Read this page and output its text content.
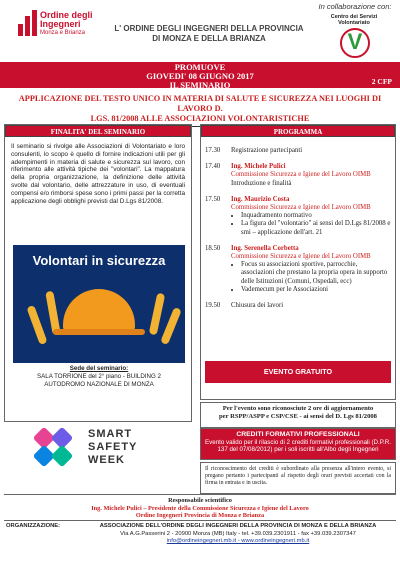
Ordine degli
Ingegneri
Monza e Brianza	L' ORDINE DEGLI INGEGNERI DELLA PROVINCIA
DI MONZA E DELLA BRIANZA
In collaborazione con:
Centro dei Servizi
Volontariato
V
PROMUOVE
GIOVEDI' 08 GIUGNO 2017
IL SEMINARIO	2 CFP
APPLICAZIONE DEL TESTO UNICO IN MATERIA DI SALUTE E SICUREZZA NEI LUOGHI DI LAVORO D.
LGS. 81/2008 ALLE ASSOCIAZIONI VOLONTARISTICHE
FINALITA' DEL SEMINARIO
Il seminario si rivolge alle Associazioni di Volontariato e loro consulenti, lo scopo è quello di fornire indicazioni utili per gli adempimenti in materia di salute e sicurezza sul lavoro, con riferimento alle attività tipiche dei "volontari". La mappatura della propria organizzazione, la definizione delle attività svolte dal volontario, delle attrezzature in uso, di eventuali compensi e/o rimborsi spese sono i primi passi per la corretta applicazione degli obblighi previsti dal D.Lgs 81/2008.
Volontari in sicurezza
Sede del seminario:
SALA TORRIONE del 2° piano - BUILDING 2
AUTODROMO NAZIONALE DI MONZA
SMART
SAFETY
WEEK
PROGRAMMA
17.30	Registrazione partecipanti
17.40	Ing. Michele Pulici
Commissione Sicurezza e Igiene del Lavoro OIMB
Introduzione e finalità
17.50	Ing. Maurizio Costa
Commissione Sicurezza e Igiene del Lavoro OIMB
• Inquadramento normativo
• La figura del "volontario" ai sensi del D.Lgs 81/2008 e smi – applicazione dell'art. 21
18.50	Ing. Serenella Corbetta
Commissione Sicurezza e Igiene del Lavoro OIMB
• Focus su associazioni sportive, parrocchie, associazioni che prestano la propria opera in supporto delle Istituzioni (Comuni, Ospedali, ecc)
• Vademecum per le Associazioni
19.50	Chiusura dei lavori
EVENTO GRATUITO
Per l'evento sono riconosciute 2 ore di aggiornamento
per RSPP/ASPP e CSP/CSE - ai sensi del D. Lgs 81/2008
CREDITI FORMATIVI PROFESSIONALI
Evento valido per il rilascio di 2 crediti formativi professionali (D.P.R. 137 del 07/08/2012) per i soli iscritti all'Albo degli Ingegneri
Il riconoscimento dei crediti è subordinato alla presenza all'intero evento, si pregano pertanto i partecipanti al rispetto degli orari previsti accertati con la firma in entrata e in uscita.
Responsabile scientifico
Ing. Michele Pulici – Presidente della Commissione Sicurezza e Igiene del Lavoro
Ordine Ingegneri Provincia di Monza e Brianza
ORGANIZZAZIONE:	ASSOCIAZIONE DELL'ORDINE DEGLI INGEGNERI DELLA PROVINCIA DI MONZA E DELLA BRIANZA
Via A.G.Passerini 2 - 20900 Monza (MB) Italy - tel. +39.039.2301911 - fax +39.039.2307347
info@ordineingegneri.mb.it - www.ordineingegneri.mb.it
